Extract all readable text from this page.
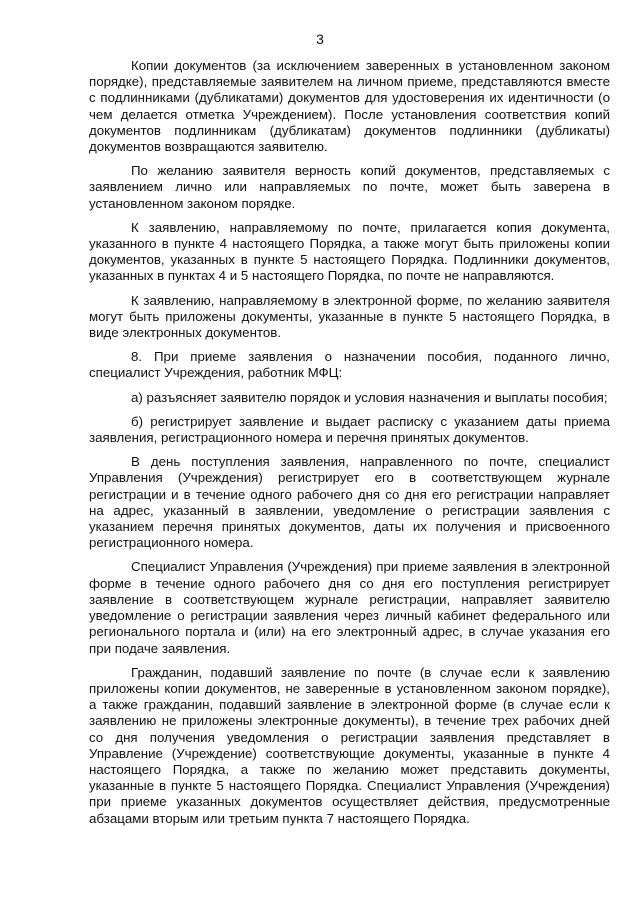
3

Копии документов (за исключением заверенных в установленном законом порядке), представляемые заявителем на личном приеме, представляются вместе с подлинниками (дубликатами) документов для удостоверения их идентичности (о чем делается отметка Учреждением). После установления соответствия копий документов подлинникам (дубликатам) документов подлинники (дубликаты) документов возвращаются заявителю.

По желанию заявителя верность копий документов, представляемых с заявлением лично или направляемых по почте, может быть заверена в установленном законом порядке.

К заявлению, направляемому по почте, прилагается копия документа, указанного в пункте 4 настоящего Порядка, а также могут быть приложены копии документов, указанных в пункте 5 настоящего Порядка. Подлинники документов, указанных в пунктах 4 и 5 настоящего Порядка, по почте не направляются.

К заявлению, направляемому в электронной форме, по желанию заявителя могут быть приложены документы, указанные в пункте 5 настоящего Порядка, в виде электронных документов.

8. При приеме заявления о назначении пособия, поданного лично, специалист Учреждения, работник МФЦ:

а) разъясняет заявителю порядок и условия назначения и выплаты пособия;

б) регистрирует заявление и выдает расписку с указанием даты приема заявления, регистрационного номера и перечня принятых документов.

В день поступления заявления, направленного по почте, специалист Управления (Учреждения) регистрирует его в соответствующем журнале регистрации и в течение одного рабочего дня со дня его регистрации направляет на адрес, указанный в заявлении, уведомление о регистрации заявления с указанием перечня принятых документов, даты их получения и присвоенного регистрационного номера.

Специалист Управления (Учреждения) при приеме заявления в электронной форме в течение одного рабочего дня со дня его поступления регистрирует заявление в соответствующем журнале регистрации, направляет заявителю уведомление о регистрации заявления через личный кабинет федерального или регионального портала и (или) на его электронный адрес, в случае указания его при подаче заявления.

Гражданин, подавший заявление по почте (в случае если к заявлению приложены копии документов, не заверенные в установленном законом порядке), а также гражданин, подавший заявление в электронной форме (в случае если к заявлению не приложены электронные документы), в течение трех рабочих дней со дня получения уведомления о регистрации заявления представляет в Управление (Учреждение) соответствующие документы, указанные в пункте 4 настоящего Порядка, а также по желанию может представить документы, указанные в пункте 5 настоящего Порядка. Специалист Управления (Учреждения) при приеме указанных документов осуществляет действия, предусмотренные абзацами вторым или третьим пункта 7 настоящего Порядка.
